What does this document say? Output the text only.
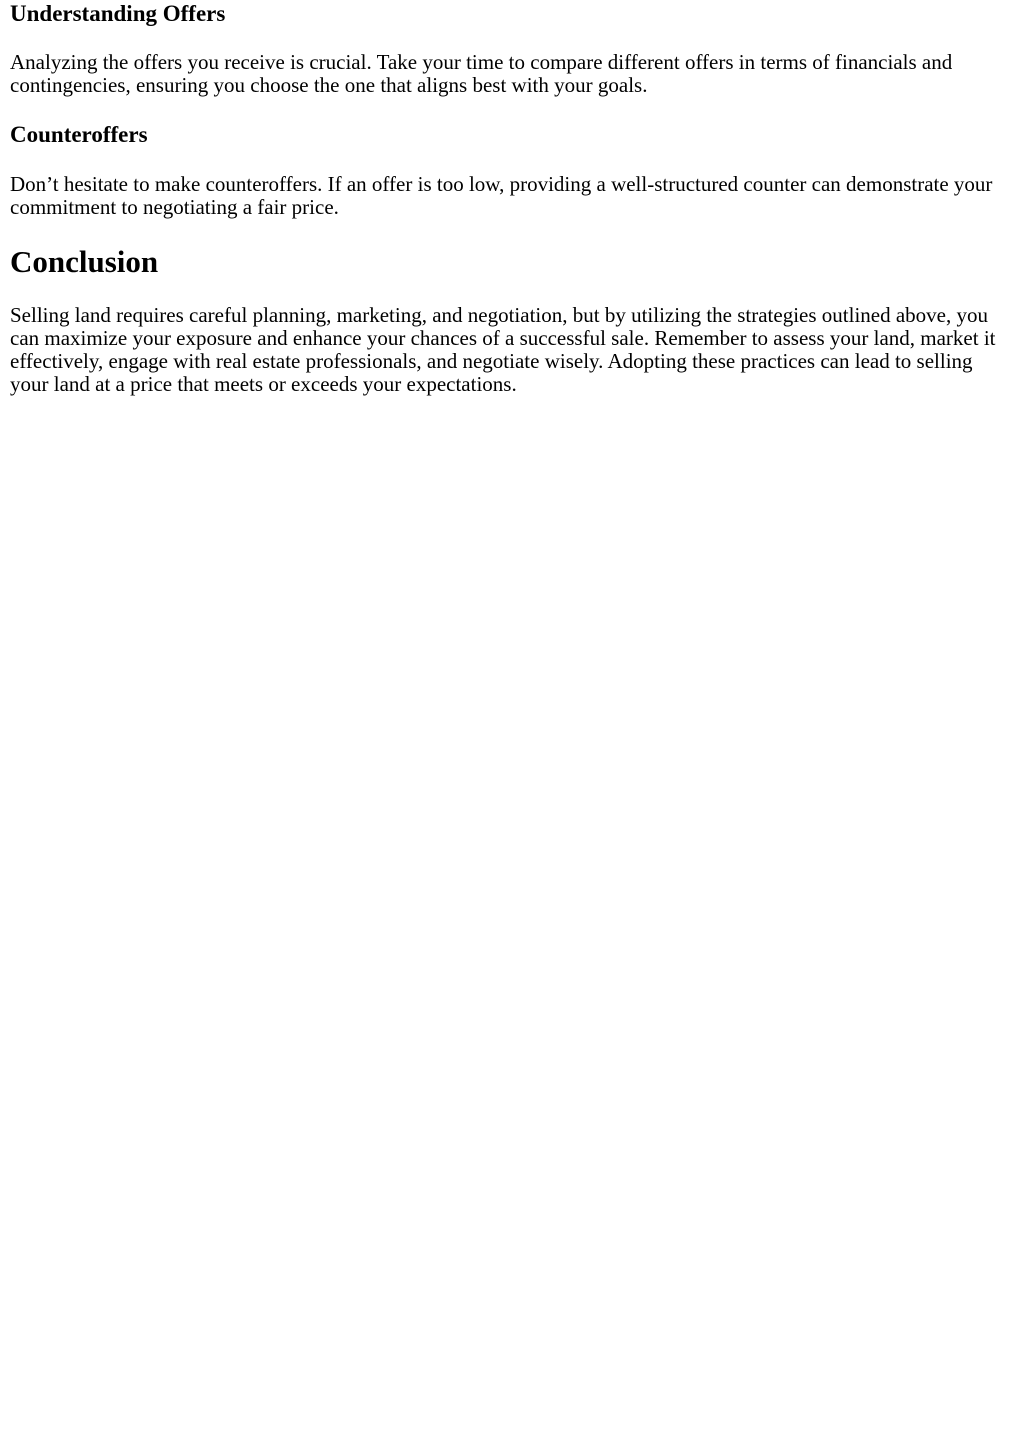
Understanding Offers

Analyzing the offers you receive is crucial. Take your time to compare different offers in terms of financials and contingencies, ensuring you choose the one that aligns best with your goals.

Counteroffers

Don’t hesitate to make counteroffers. If an offer is too low, providing a well-structured counter can demonstrate your commitment to negotiating a fair price.

Conclusion

Selling land requires careful planning, marketing, and negotiation, but by utilizing the strategies outlined above, you can maximize your exposure and enhance your chances of a successful sale. Remember to assess your land, market it effectively, engage with real estate professionals, and negotiate wisely. Adopting these practices can lead to selling your land at a price that meets or exceeds your expectations.
